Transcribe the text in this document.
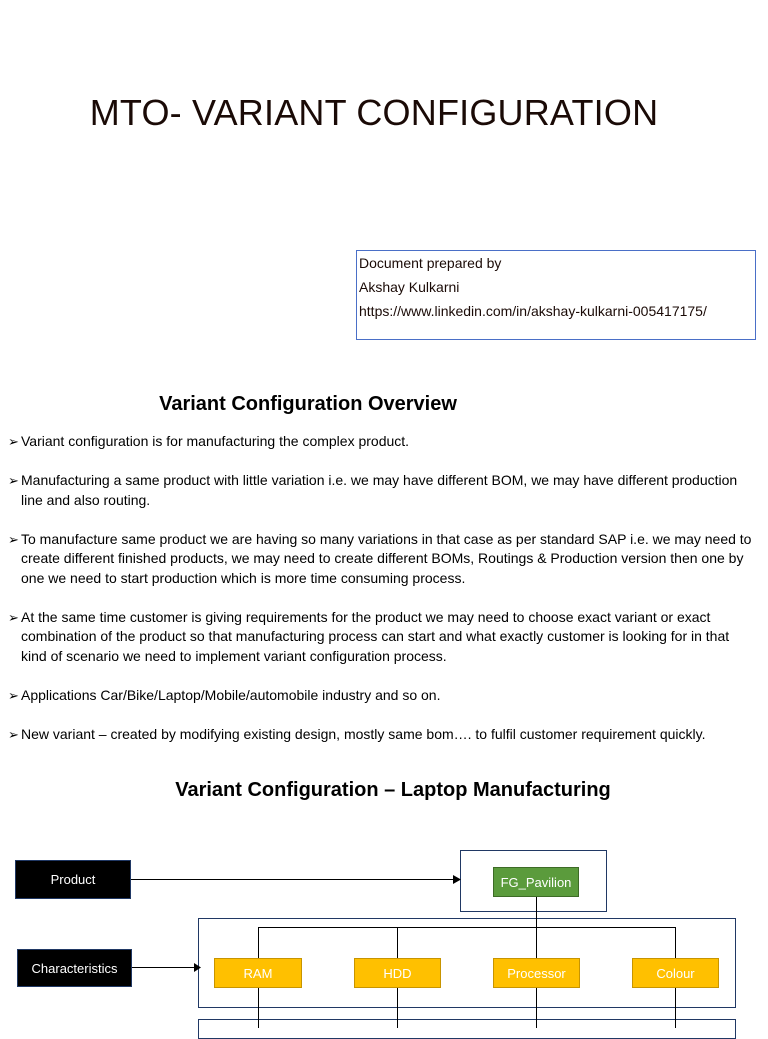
MTO- VARIANT CONFIGURATION
Document prepared by
Akshay Kulkarni
https://www.linkedin.com/in/akshay-kulkarni-005417175/
Variant Configuration Overview
➢ Variant configuration is for manufacturing the complex product.
➢ Manufacturing a same product with little variation i.e. we may have different BOM, we may have different production line and also routing.
➢ To manufacture same product we are having so many variations in that case as per standard SAP i.e. we may need to create different finished products, we may need to create different BOMs, Routings & Production version then one by one we need to start production which is more time consuming process.
➢ At the same time customer is giving requirements for the product we may need to choose exact variant or exact combination of the product so that manufacturing process can start and what exactly customer is looking for in that kind of scenario we need to implement variant configuration process.
➢ Applications Car/Bike/Laptop/Mobile/automobile industry and so on.
➢ New variant – created by modifying existing design, mostly same bom…. to fulfil customer requirement quickly.
Variant Configuration – Laptop Manufacturing
Product	FG_Pavilion
Characteristics	RAM	HDD	Processor	Colour
